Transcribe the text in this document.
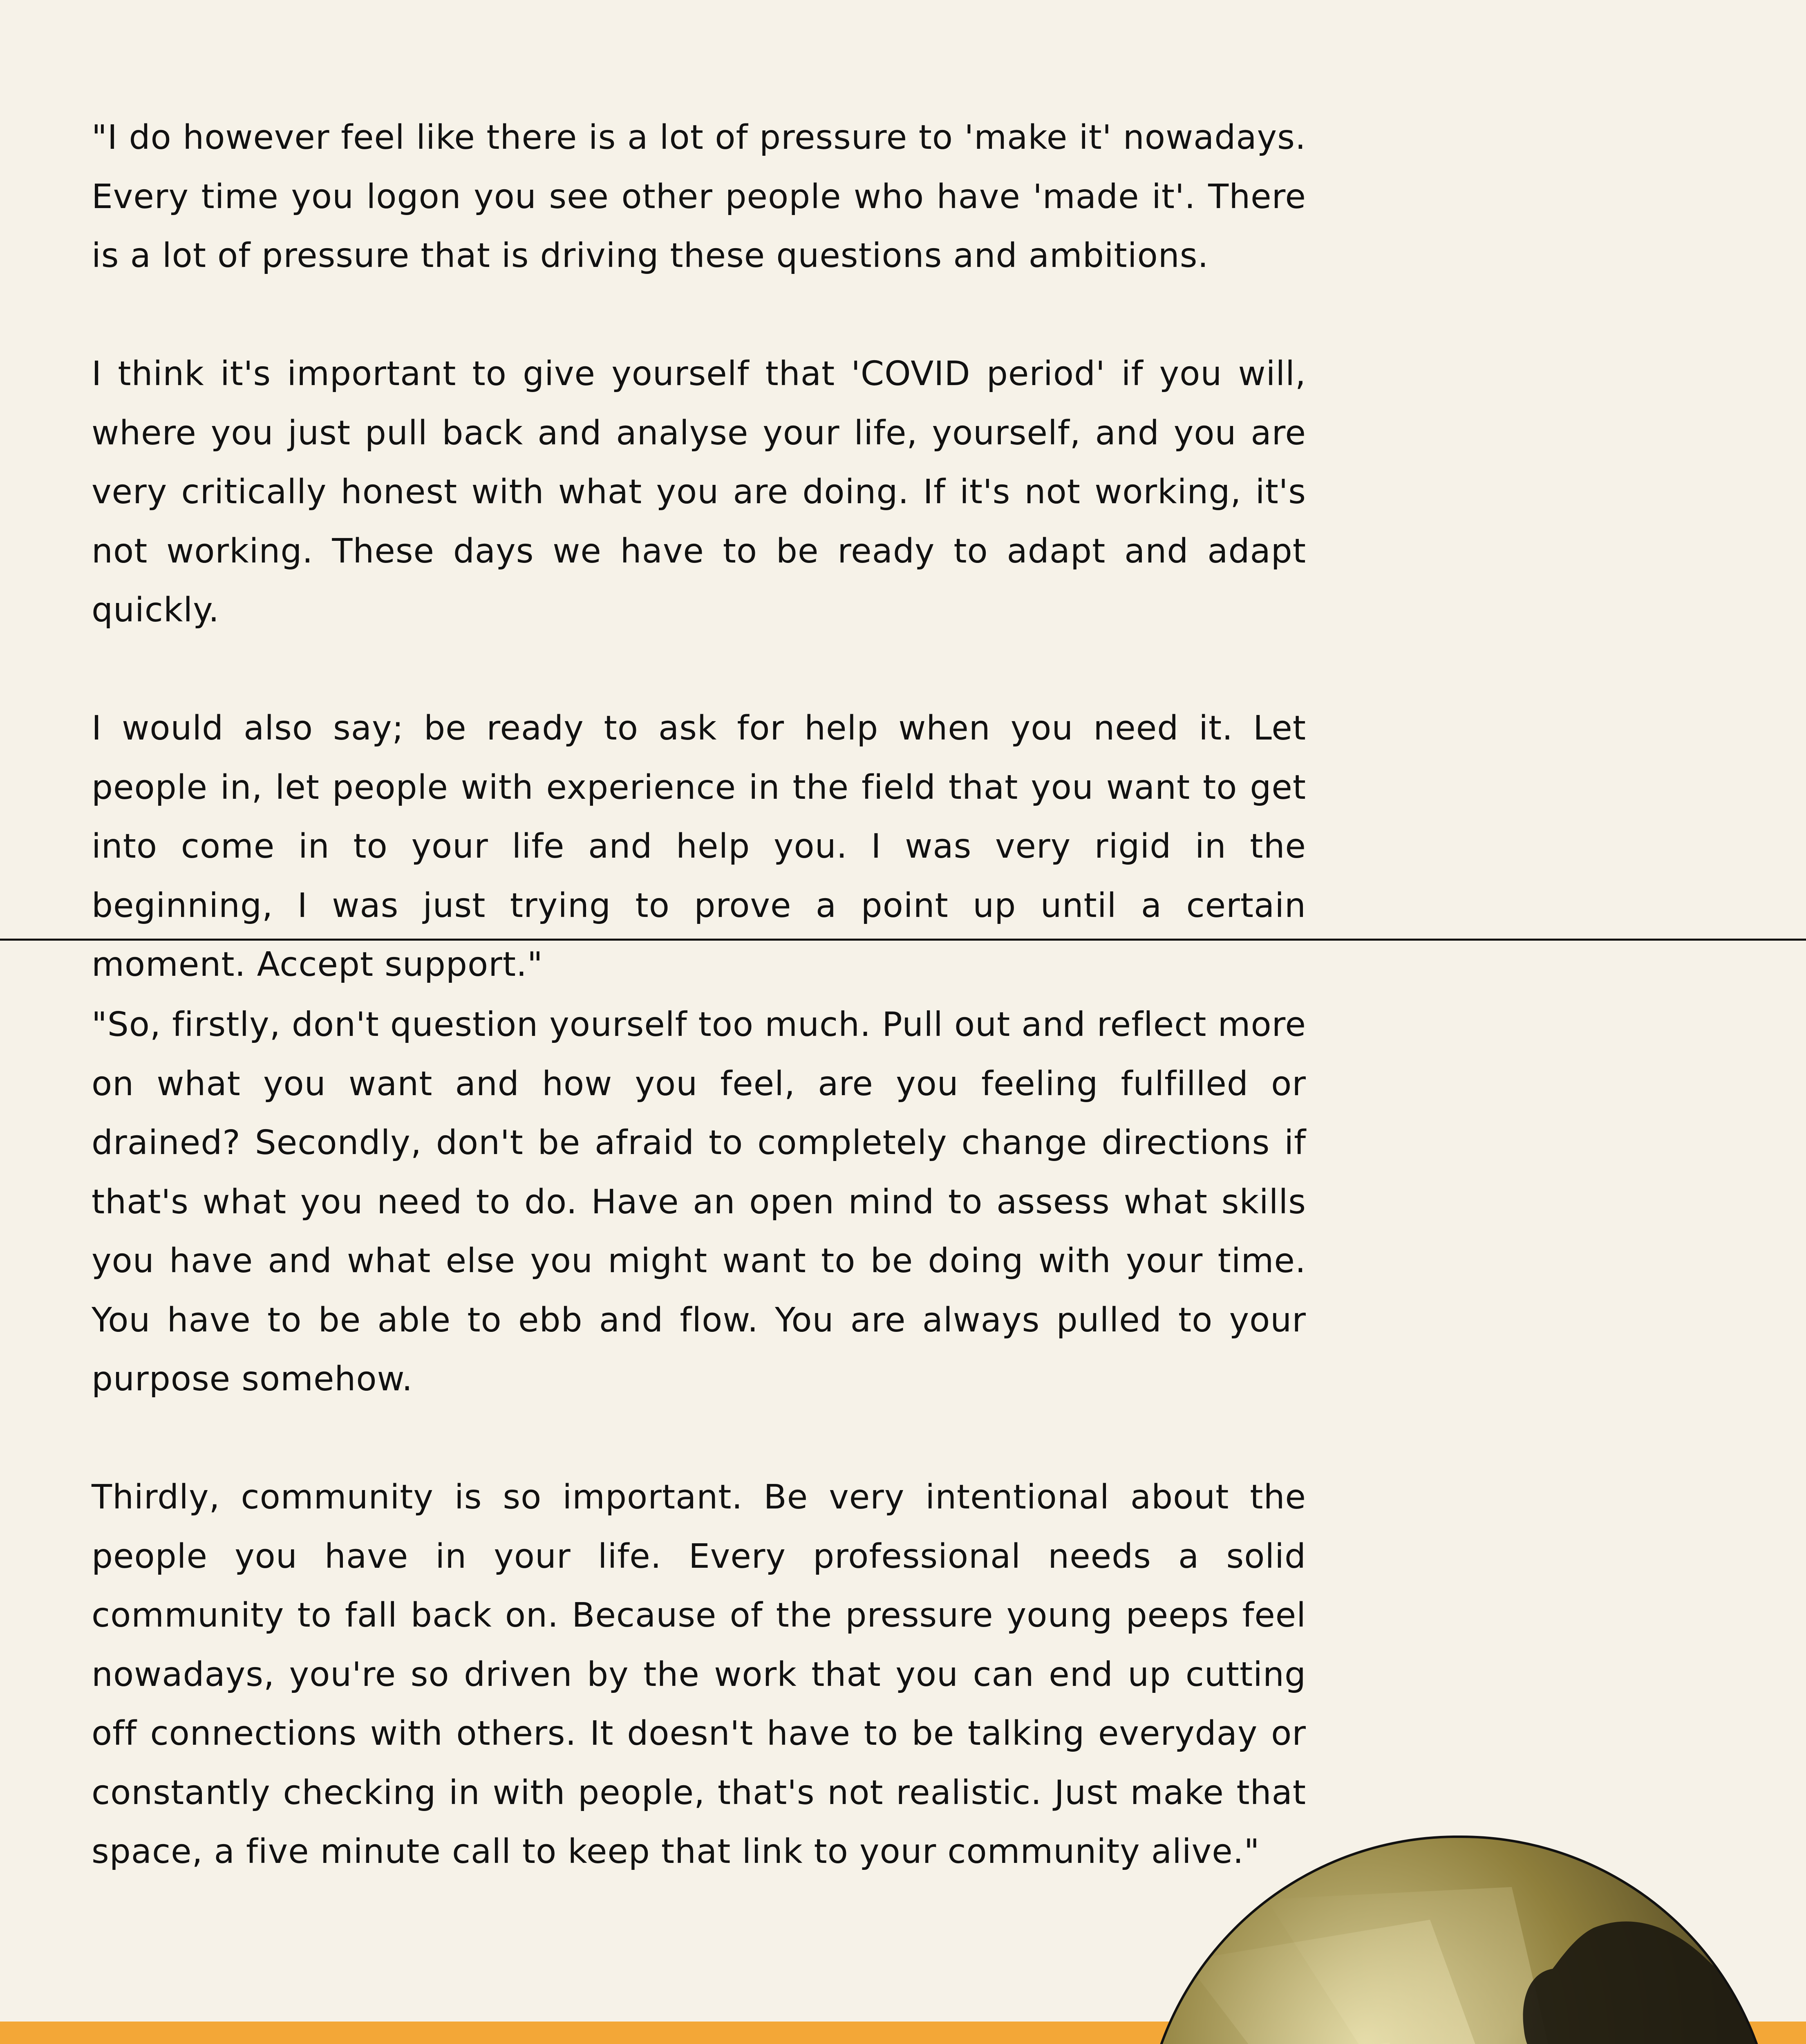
"I do however feel like there is a lot of pressure to 'make it' nowadays. Every time you logon you see other people who have 'made it'. There is a lot of pressure that is driving these questions and ambitions.

I think it's important to give yourself that 'COVID period' if you will, where you just pull back and analyse your life, yourself, and you are very critically honest with what you are doing. If it's not working, it's not working. These days we have to be ready to adapt and adapt quickly.

I would also say; be ready to ask for help when you need it. Let people in, let people with experience in the field that you want to get into come in to your life and help you. I was very rigid in the beginning, I was just trying to prove a point up until a certain moment. Accept support."

"So, firstly, don't question yourself too much. Pull out and reflect more on what you want and how you feel, are you feeling fulfilled or drained? Secondly, don't be afraid to completely change directions if that's what you need to do. Have an open mind to assess what skills you have and what else you might want to be doing with your time. You have to be able to ebb and flow. You are always pulled to your purpose somehow.

Thirdly, community is so important. Be very intentional about the people you have in your life. Every professional needs a solid community to fall back on. Because of the pressure young peeps feel nowadays, you're so driven by the work that you can end up cutting off connections with others. It doesn't have to be talking everyday or constantly checking in with people, that's not realistic. Just make that space, a five minute call to keep that link to your community alive."
